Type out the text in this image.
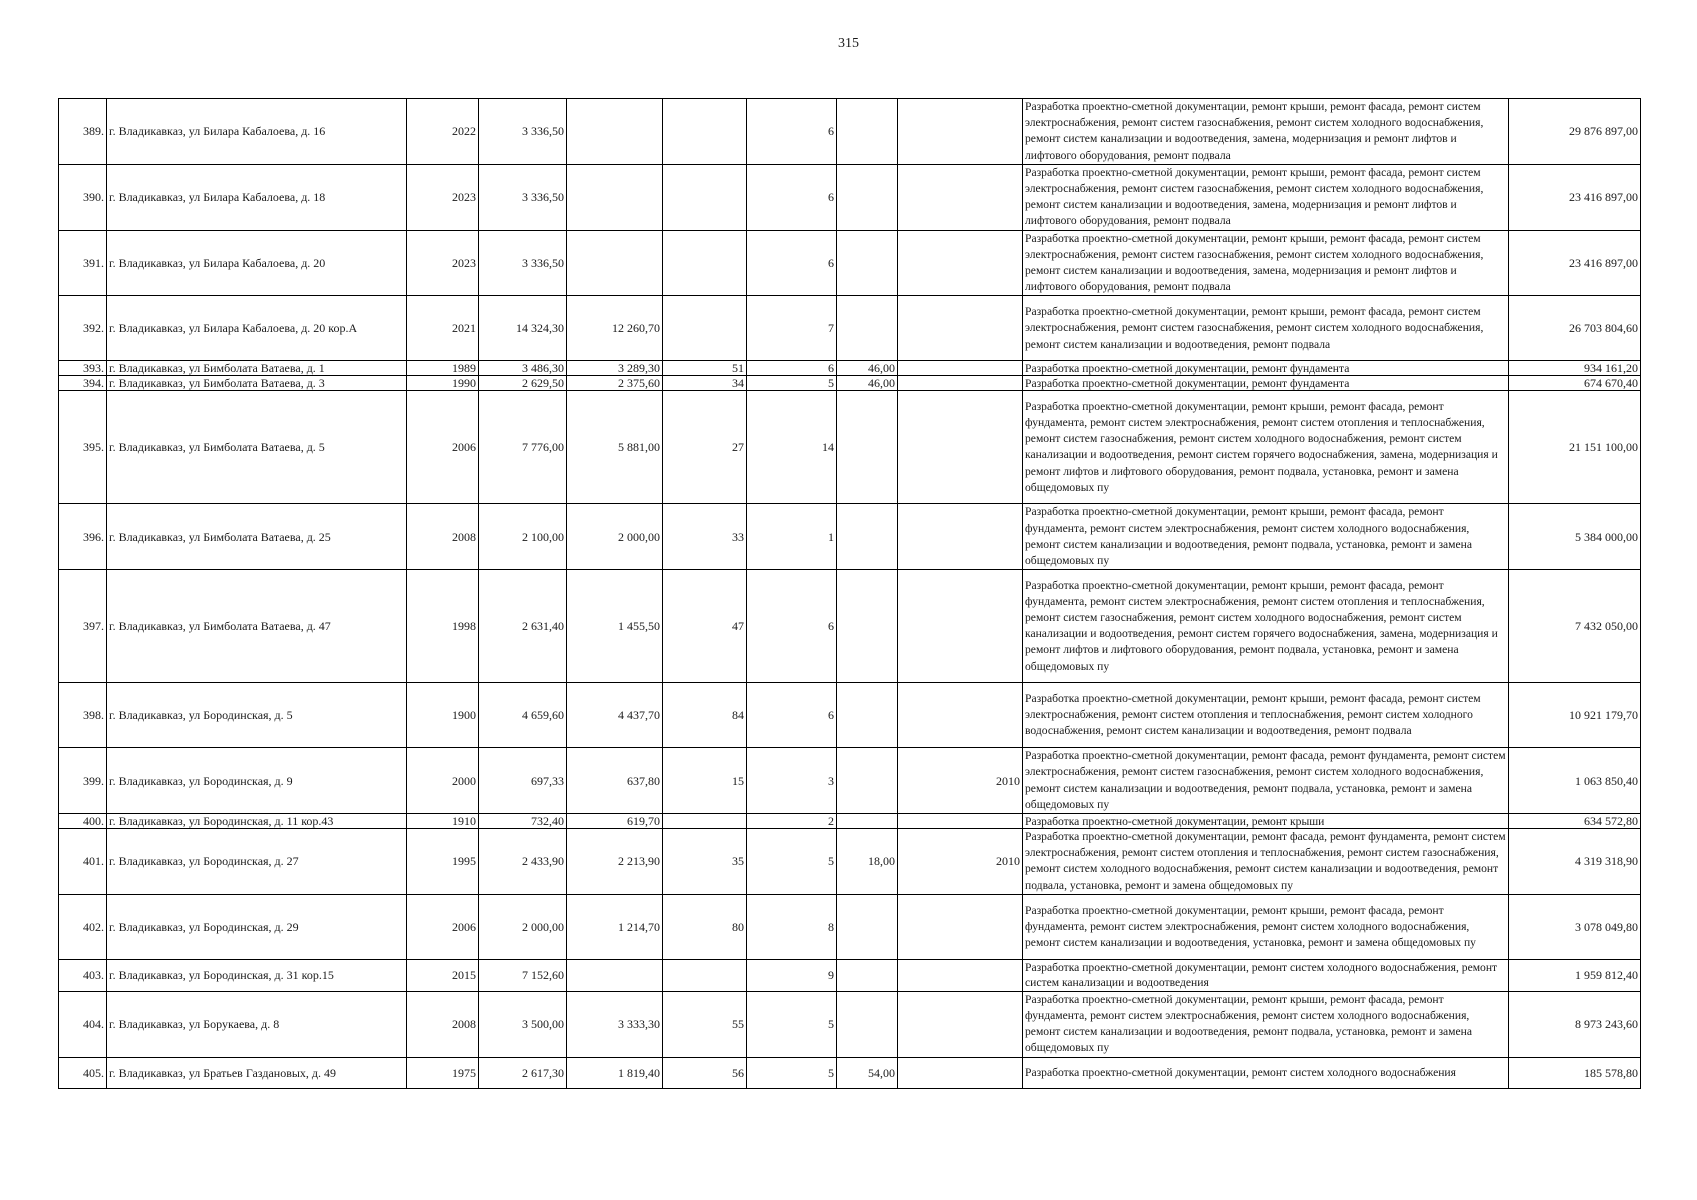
315
389.	г. Владикавказ, ул Билара Кабалоева, д. 16	2022	3 336,50			6			Разработка проектно-сметной документации, ремонт крыши, ремонт фасада, ремонт систем электроснабжения, ремонт систем газоснабжения, ремонт систем холодного водоснабжения, ремонт систем канализации и водоотведения, замена, модернизация и ремонт лифтов и лифтового оборудования, ремонт подвала	29 876 897,00
390.	г. Владикавказ, ул Билара Кабалоева, д. 18	2023	3 336,50			6			Разработка проектно-сметной документации, ремонт крыши, ремонт фасада, ремонт систем электроснабжения, ремонт систем газоснабжения, ремонт систем холодного водоснабжения, ремонт систем канализации и водоотведения, замена, модернизация и ремонт лифтов и лифтового оборудования, ремонт подвала	23 416 897,00
391.	г. Владикавказ, ул Билара Кабалоева, д. 20	2023	3 336,50			6			Разработка проектно-сметной документации, ремонт крыши, ремонт фасада, ремонт систем электроснабжения, ремонт систем газоснабжения, ремонт систем холодного водоснабжения, ремонт систем канализации и водоотведения, замена, модернизация и ремонт лифтов и лифтового оборудования, ремонт подвала	23 416 897,00
392.	г. Владикавказ, ул Билара Кабалоева, д. 20 кор.А	2021	14 324,30	12 260,70		7			Разработка проектно-сметной документации, ремонт крыши, ремонт фасада, ремонт систем электроснабжения, ремонт систем газоснабжения, ремонт систем холодного водоснабжения, ремонт систем канализации и водоотведения, ремонт подвала	26 703 804,60
393.	г. Владикавказ, ул Бимболата Ватаева, д. 1	1989	3 486,30	3 289,30	51	6	46,00		Разработка проектно-сметной документации, ремонт фундамента	934 161,20
394.	г. Владикавказ, ул Бимболата Ватаева, д. 3	1990	2 629,50	2 375,60	34	5	46,00		Разработка проектно-сметной документации, ремонт фундамента	674 670,40
395.	г. Владикавказ, ул Бимболата Ватаева, д. 5	2006	7 776,00	5 881,00	27	14			Разработка проектно-сметной документации, ремонт крыши, ремонт фасада, ремонт фундамента, ремонт систем электроснабжения, ремонт систем отопления и теплоснабжения, ремонт систем газоснабжения, ремонт систем холодного водоснабжения, ремонт систем канализации и водоотведения, ремонт систем горячего водоснабжения, замена, модернизация и ремонт лифтов и лифтового оборудования, ремонт подвала, установка, ремонт и замена общедомовых пу	21 151 100,00
396.	г. Владикавказ, ул Бимболата Ватаева, д. 25	2008	2 100,00	2 000,00	33	1			Разработка проектно-сметной документации, ремонт крыши, ремонт фасада, ремонт фундамента, ремонт систем электроснабжения, ремонт систем холодного водоснабжения, ремонт систем канализации и водоотведения, ремонт подвала, установка, ремонт и замена общедомовых пу	5 384 000,00
397.	г. Владикавказ, ул Бимболата Ватаева, д. 47	1998	2 631,40	1 455,50	47	6			Разработка проектно-сметной документации, ремонт крыши, ремонт фасада, ремонт фундамента, ремонт систем электроснабжения, ремонт систем отопления и теплоснабжения, ремонт систем газоснабжения, ремонт систем холодного водоснабжения, ремонт систем канализации и водоотведения, ремонт систем горячего водоснабжения, замена, модернизация и ремонт лифтов и лифтового оборудования, ремонт подвала, установка, ремонт и замена общедомовых пу	7 432 050,00
398.	г. Владикавказ, ул Бородинская, д. 5	1900	4 659,60	4 437,70	84	6			Разработка проектно-сметной документации, ремонт крыши, ремонт фасада, ремонт систем электроснабжения, ремонт систем отопления и теплоснабжения, ремонт систем холодного водоснабжения, ремонт систем канализации и водоотведения, ремонт подвала	10 921 179,70
399.	г. Владикавказ, ул Бородинская, д. 9	2000	697,33	637,80	15	3		2010	Разработка проектно-сметной документации, ремонт фасада, ремонт фундамента, ремонт систем электроснабжения, ремонт систем газоснабжения, ремонт систем холодного водоснабжения, ремонт систем канализации и водоотведения, ремонт подвала, установка, ремонт и замена общедомовых пу	1 063 850,40
400.	г. Владикавказ, ул Бородинская, д. 11 кор.43	1910	732,40	619,70		2			Разработка проектно-сметной документации, ремонт крыши	634 572,80
401.	г. Владикавказ, ул Бородинская, д. 27	1995	2 433,90	2 213,90	35	5	18,00	2010	Разработка проектно-сметной документации, ремонт фасада, ремонт фундамента, ремонт систем электроснабжения, ремонт систем отопления и теплоснабжения, ремонт систем газоснабжения, ремонт систем холодного водоснабжения, ремонт систем канализации и водоотведения, ремонт подвала, установка, ремонт и замена общедомовых пу	4 319 318,90
402.	г. Владикавказ, ул Бородинская, д. 29	2006	2 000,00	1 214,70	80	8			Разработка проектно-сметной документации, ремонт крыши, ремонт фасада, ремонт фундамента, ремонт систем электроснабжения, ремонт систем холодного водоснабжения, ремонт систем канализации и водоотведения, установка, ремонт и замена общедомовых пу	3 078 049,80
403.	г. Владикавказ, ул Бородинская, д. 31 кор.15	2015	7 152,60			9			Разработка проектно-сметной документации, ремонт систем холодного водоснабжения, ремонт систем канализации и водоотведения	1 959 812,40
404.	г. Владикавказ, ул Борукаева, д. 8	2008	3 500,00	3 333,30	55	5			Разработка проектно-сметной документации, ремонт крыши, ремонт фасада, ремонт фундамента, ремонт систем электроснабжения, ремонт систем холодного водоснабжения, ремонт систем канализации и водоотведения, ремонт подвала, установка, ремонт и замена общедомовых пу	8 973 243,60
405.	г. Владикавказ, ул Братьев Газдановых, д. 49	1975	2 617,30	1 819,40	56	5	54,00		Разработка проектно-сметной документации, ремонт систем холодного водоснабжения	185 578,80
